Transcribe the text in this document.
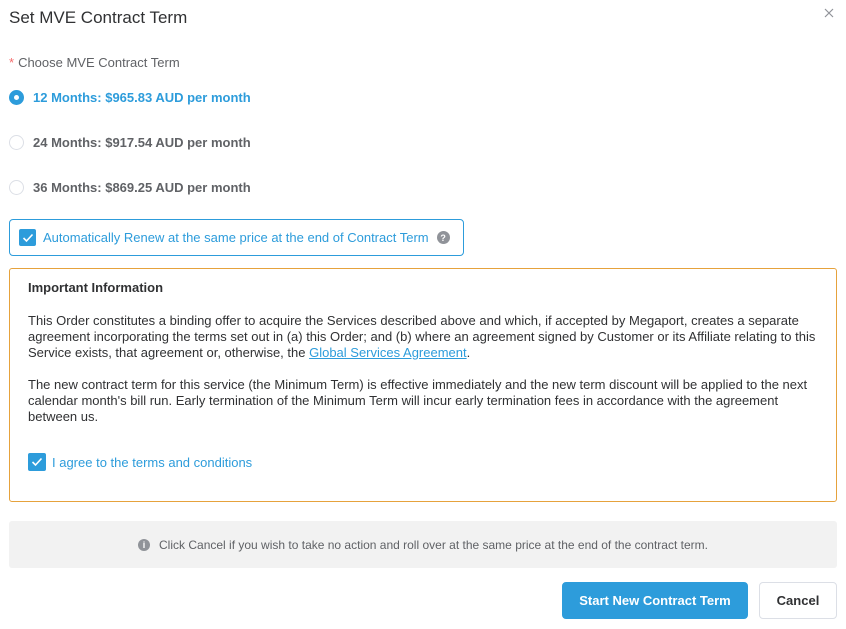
Set MVE Contract Term
* Choose MVE Contract Term
12 Months: $965.83 AUD per month
24 Months: $917.54 AUD per month
36 Months: $869.25 AUD per month
Automatically Renew at the same price at the end of Contract Term	?
Important Information
This Order constitutes a binding offer to acquire the Services described above and which, if accepted by Megaport, creates a separate agreement incorporating the terms set out in (a) this Order; and (b) where an agreement signed by Customer or its Affiliate relating to this Service exists, that agreement or, otherwise, the Global Services Agreement.
The new contract term for this service (the Minimum Term) is effective immediately and the new term discount will be applied to the next calendar month's bill run. Early termination of the Minimum Term will incur early termination fees in accordance with the agreement between us.
I agree to the terms and conditions
i	Click Cancel if you wish to take no action and roll over at the same price at the end of the contract term.
Start New Contract Term	Cancel
